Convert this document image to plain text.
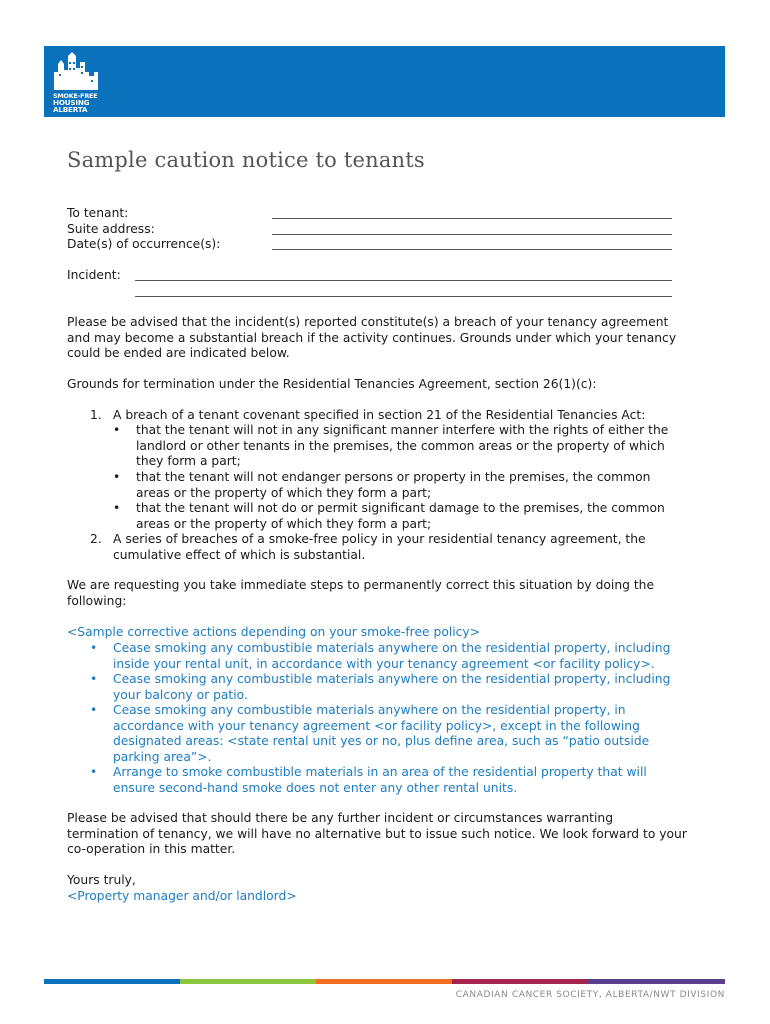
SMOKE-FREE
HOUSING
ALBERTA
Sample caution notice to tenants
To tenant:
Suite address:
Date(s) of occurrence(s):
Incident:
Please be advised that the incident(s) reported constitute(s) a breach of your tenancy agreement and may become a substantial breach if the activity continues. Grounds under which your tenancy could be ended are indicated below.
Grounds for termination under the Residential Tenancies Agreement, section 26(1)(c):
1. A breach of a tenant covenant specified in section 21 of the Residential Tenancies Act:
• that the tenant will not in any significant manner interfere with the rights of either the landlord or other tenants in the premises, the common areas or the property of which they form a part;
• that the tenant will not endanger persons or property in the premises, the common areas or the property of which they form a part;
• that the tenant will not do or permit significant damage to the premises, the common areas or the property of which they form a part;
2. A series of breaches of a smoke-free policy in your residential tenancy agreement, the cumulative effect of which is substantial.
We are requesting you take immediate steps to permanently correct this situation by doing the following:
<Sample corrective actions depending on your smoke-free policy>
• Cease smoking any combustible materials anywhere on the residential property, including inside your rental unit, in accordance with your tenancy agreement <or facility policy>.
• Cease smoking any combustible materials anywhere on the residential property, including your balcony or patio.
• Cease smoking any combustible materials anywhere on the residential property, in accordance with your tenancy agreement <or facility policy>, except in the following designated areas: <state rental unit yes or no, plus define area, such as “patio outside parking area”>.
• Arrange to smoke combustible materials in an area of the residential property that will ensure second-hand smoke does not enter any other rental units.
Please be advised that should there be any further incident or circumstances warranting termination of tenancy, we will have no alternative but to issue such notice. We look forward to your co-operation in this matter.
Yours truly,
<Property manager and/or landlord>
CANADIAN CANCER SOCIETY, ALBERTA/NWT DIVISION
